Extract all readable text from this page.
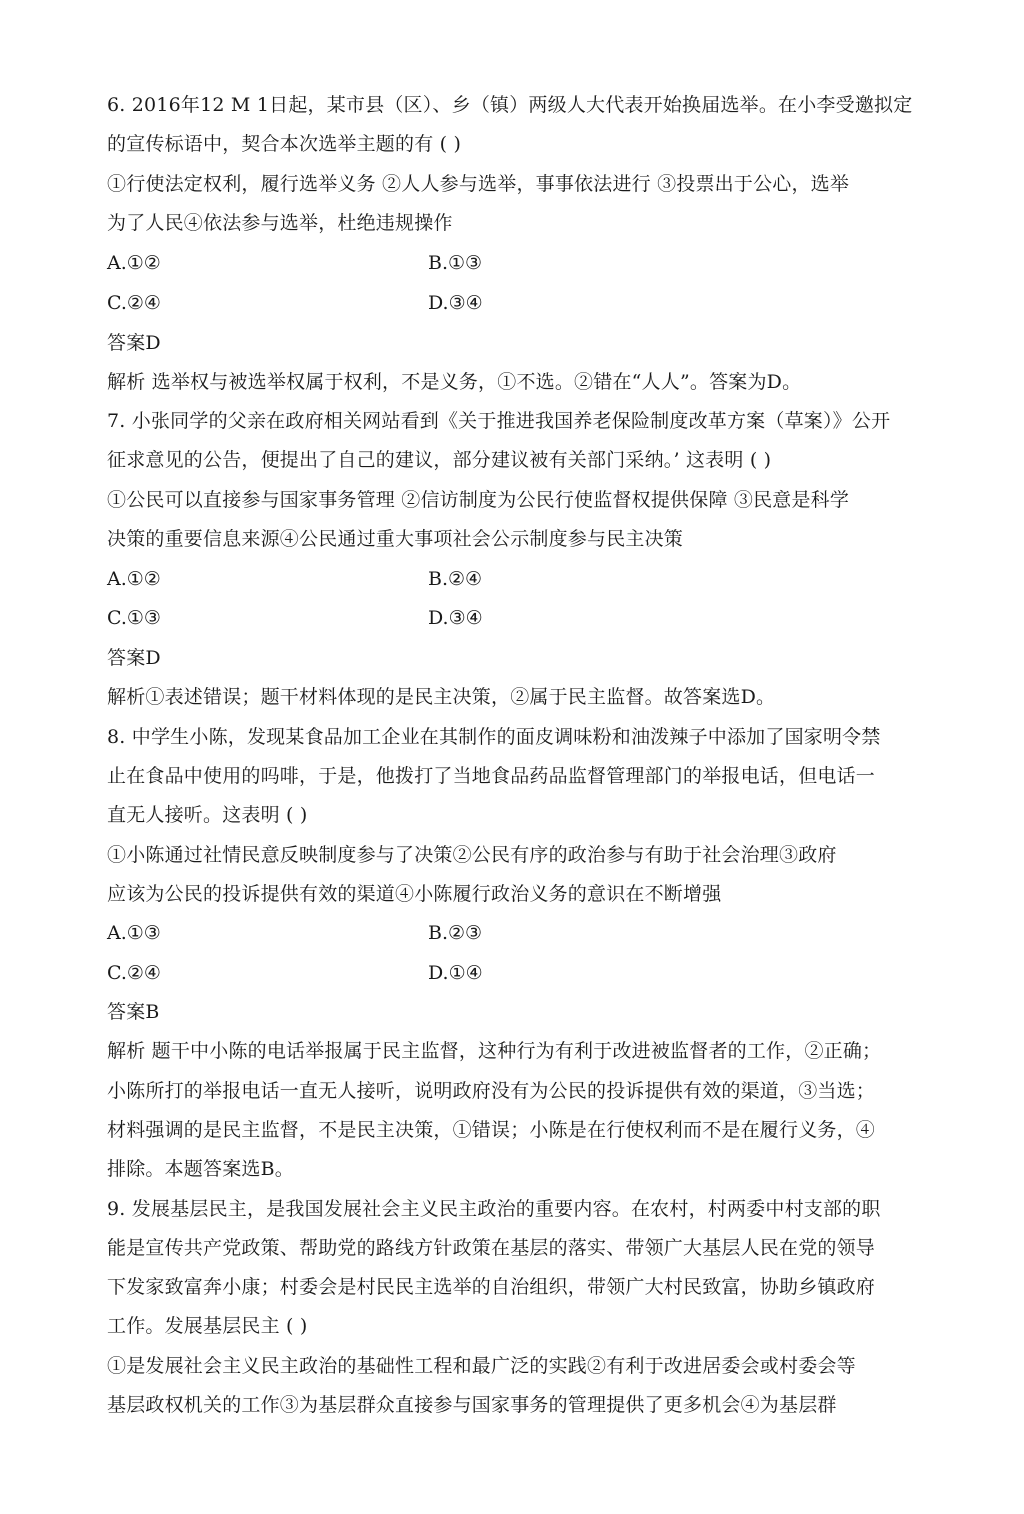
6. 2016年12 M 1日起，某市县（区）、乡（镇）两级人大代表开始换届选举。在小李受邀拟定
的宣传标语中，契合本次选举主题的有 ( )
①行使法定权利，履行选举义务 ②人人参与选举，事事依法进行 ③投票出于公心，选举
为了人民④依法参与选举，杜绝违规操作
A.①②	B.①③
C.②④	D.③④
答案D
解析 选举权与被选举权属于权利，不是义务，①不选。②错在“人人”。答案为D。
7. 小张同学的父亲在政府相关网站看到《关于推进我国养老保险制度改革方案（草案）》公开
征求意见的公告，便提出了自己的建议，部分建议被有关部门采纳。’ 这表明 ( )
①公民可以直接参与国家事务管理 ②信访制度为公民行使监督权提供保障 ③民意是科学
决策的重要信息来源④公民通过重大事项社会公示制度参与民主决策
A.①②	B.②④
C.①③	D.③④
答案D
解析①表述错误；题干材料体现的是民主决策，②属于民主监督。故答案选D。
8. 中学生小陈，发现某食品加工企业在其制作的面皮调味粉和油泼辣子中添加了国家明令禁
止在食品中使用的吗啡，于是，他拨打了当地食品药品监督管理部门的举报电话，但电话一
直无人接听。这表明 ( )
①小陈通过社情民意反映制度参与了决策②公民有序的政治参与有助于社会治理③政府
应该为公民的投诉提供有效的渠道④小陈履行政治义务的意识在不断增强
A.①③	B.②③
C.②④	D.①④
答案B
解析 题干中小陈的电话举报属于民主监督，这种行为有利于改进被监督者的工作，②正确；
小陈所打的举报电话一直无人接听，说明政府没有为公民的投诉提供有效的渠道，③当选；
材料强调的是民主监督，不是民主决策，①错误；小陈是在行使权利而不是在履行义务，④
排除。本题答案选B。
9. 发展基层民主，是我国发展社会主义民主政治的重要内容。在农村，村两委中村支部的职
能是宣传共产党政策、帮助党的路线方针政策在基层的落实、带领广大基层人民在党的领导
下发家致富奔小康；村委会是村民民主选举的自治组织，带领广大村民致富，协助乡镇政府
工作。发展基层民主 ( )
①是发展社会主义民主政治的基础性工程和最广泛的实践②有利于改进居委会或村委会等
基层政权机关的工作③为基层群众直接参与国家事务的管理提供了更多机会④为基层群
